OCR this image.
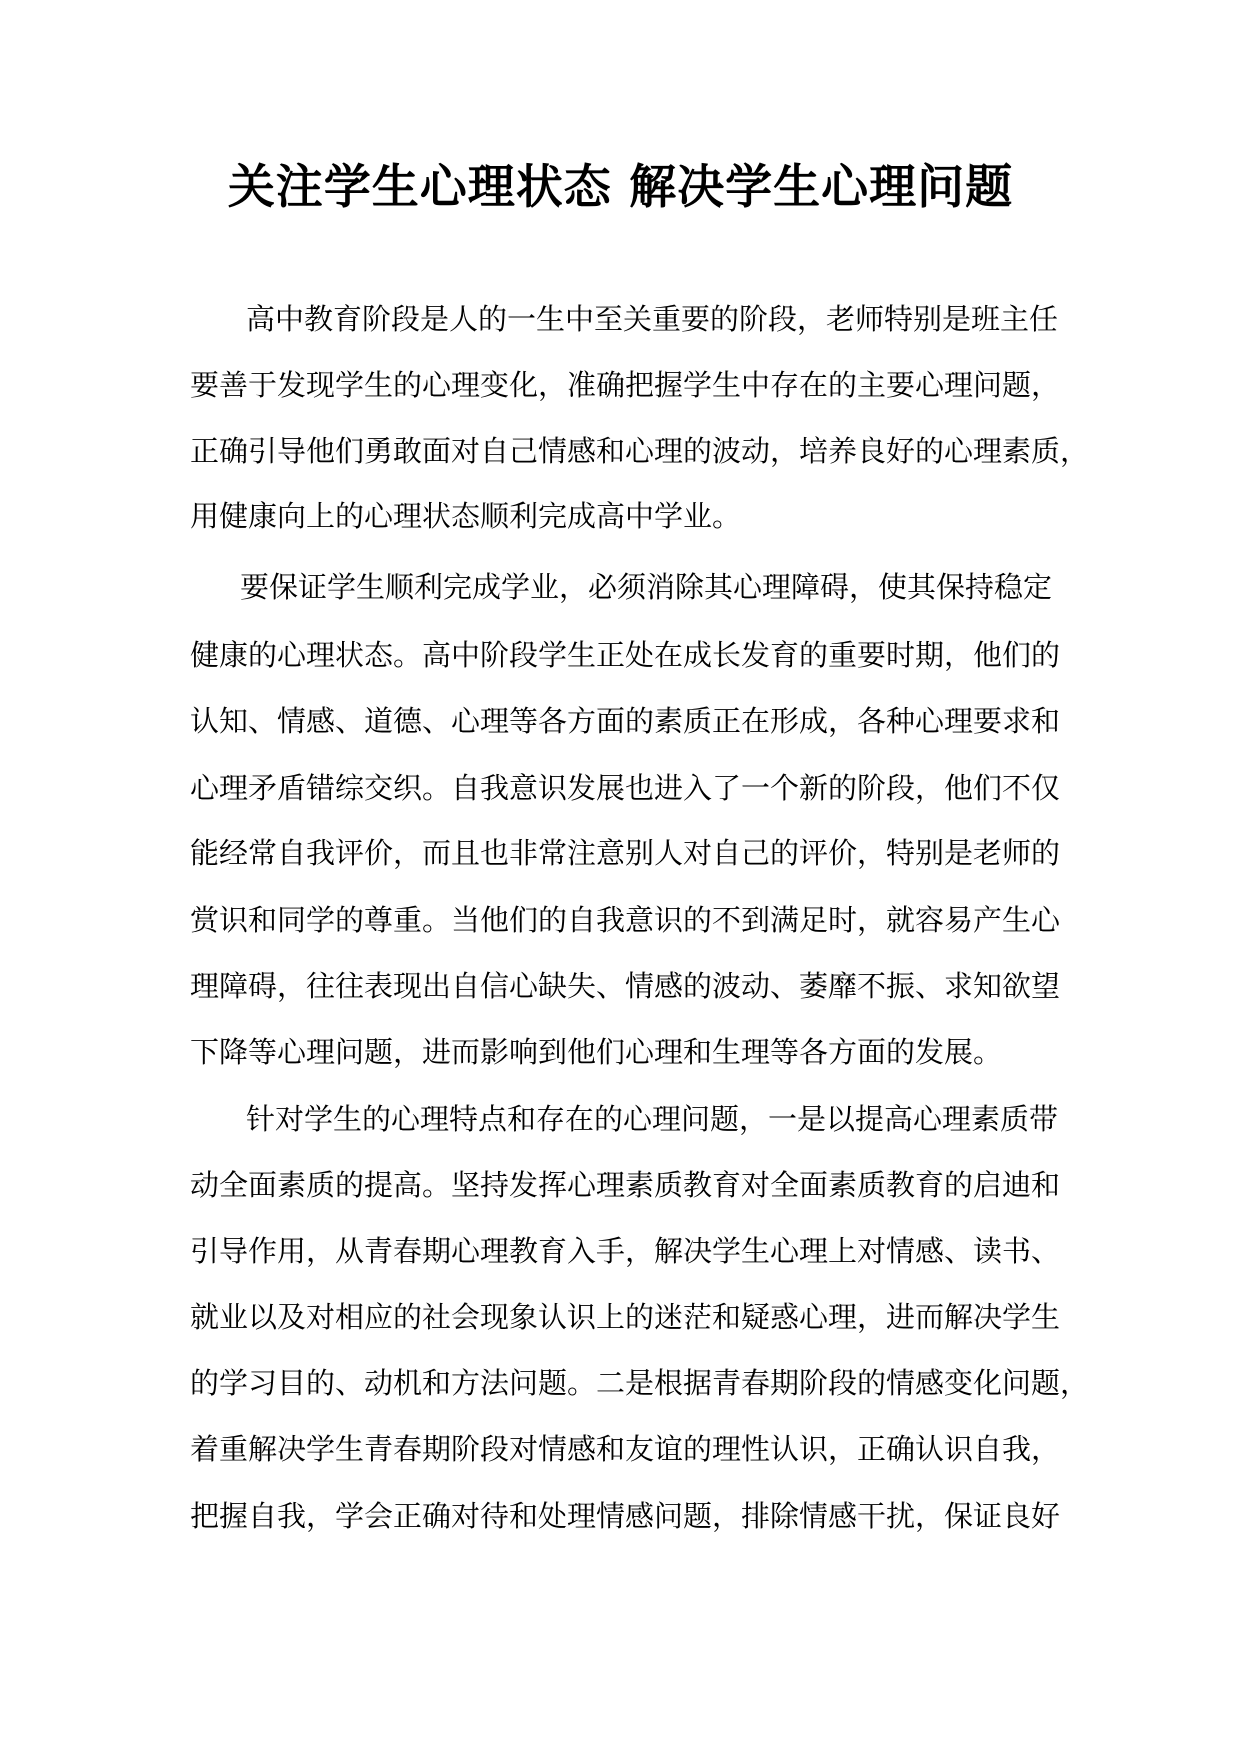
关注学生心理状态 解决学生心理问题
高中教育阶段是人的一生中至关重要的阶段，老师特别是班主任
要善于发现学生的心理变化，准确把握学生中存在的主要心理问题，
正确引导他们勇敢面对自己情感和心理的波动，培养良好的心理素质，
用健康向上的心理状态顺利完成高中学业。
要保证学生顺利完成学业，必须消除其心理障碍，使其保持稳定
健康的心理状态。高中阶段学生正处在成长发育的重要时期，他们的
认知、情感、道德、心理等各方面的素质正在形成，各种心理要求和
心理矛盾错综交织。自我意识发展也进入了一个新的阶段，他们不仅
能经常自我评价，而且也非常注意别人对自己的评价，特别是老师的
赏识和同学的尊重。当他们的自我意识的不到满足时，就容易产生心
理障碍，往往表现出自信心缺失、情感的波动、萎靡不振、求知欲望
下降等心理问题，进而影响到他们心理和生理等各方面的发展。
针对学生的心理特点和存在的心理问题，一是以提高心理素质带
动全面素质的提高。坚持发挥心理素质教育对全面素质教育的启迪和
引导作用，从青春期心理教育入手，解决学生心理上对情感、读书、
就业以及对相应的社会现象认识上的迷茫和疑惑心理，进而解决学生
的学习目的、动机和方法问题。二是根据青春期阶段的情感变化问题，
着重解决学生青春期阶段对情感和友谊的理性认识，正确认识自我，
把握自我，学会正确对待和处理情感问题，排除情感干扰，保证良好
